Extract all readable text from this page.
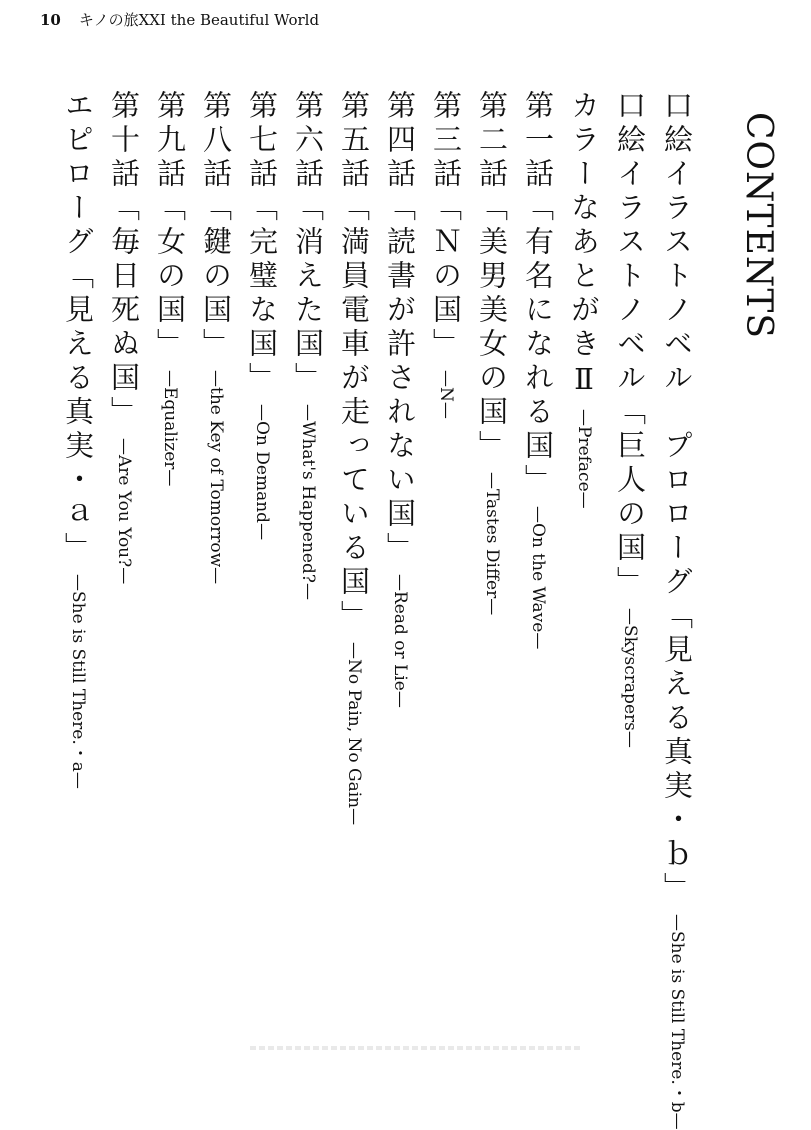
10 キノの旅XXI the Beautiful World
CONTENTS
口絵イラストノベル　プロローグ「見える真実・ｂ」—She is Still There.・b—
口絵イラストノベル「巨人の国」—Skyscrapers—
カラーなあとがきⅡ—Preface—
第一話「有名になれる国」—On the Wave—
第二話「美男美女の国」—Tastes Differ—
第三話「Ｎの国」—N—
第四話「読書が許されない国」—Read or Lie—
第五話「満員電車が走っている国」—No Pain, No Gain—
第六話「消えた国」—What's Happened?—
第七話「完璧な国」—On Demand—
第八話「鍵の国」—the Key of Tomorrow—
第九話「女の国」—Equalizer—
第十話「毎日死ぬ国」—Are You You?—
エピローグ「見える真実・ａ」—She is Still There.・a—
